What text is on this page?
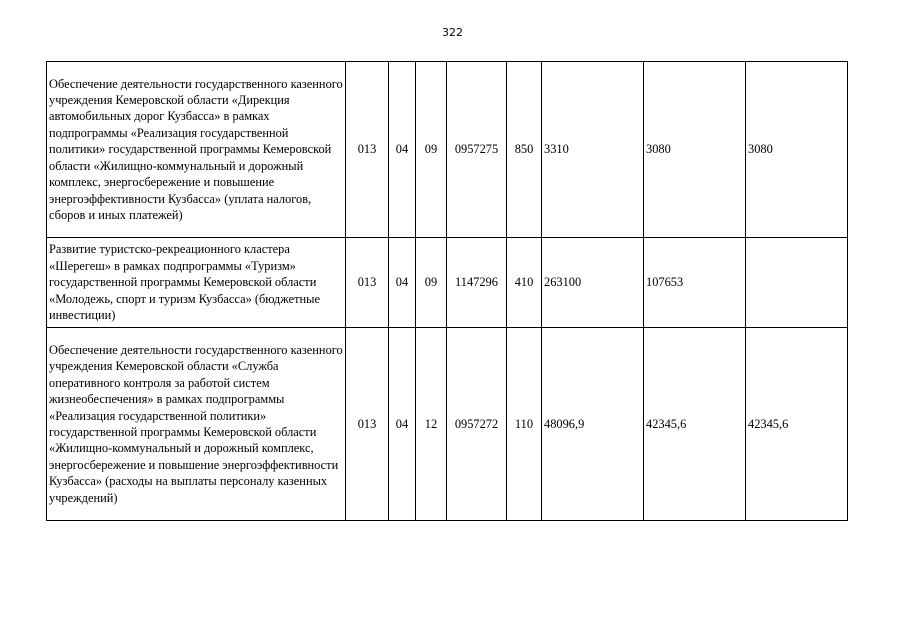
322
Обеспечение деятельности государственного казенного учреждения Кемеровской области «Дирекция автомобильных дорог Кузбасса» в рамках подпрограммы «Реализация государственной политики» государственной программы Кемеровской области «Жилищно-коммунальный и дорожный комплекс, энергосбережение и повышение энергоэффективности Кузбасса» (уплата налогов, сборов и иных платежей)	013	04	09	0957275	850	3310	3080	3080
Развитие туристско-рекреационного кластера «Шерегеш» в рамках подпрограммы «Туризм» государственной программы Кемеровской области «Молодежь, спорт и туризм Кузбасса» (бюджетные инвестиции)	013	04	09	1147296	410	263100	107653	
Обеспечение деятельности государственного казенного учреждения Кемеровской области «Служба оперативного контроля за работой систем жизнеобеспечения» в рамках подпрограммы «Реализация государственной политики» государственной программы Кемеровской области «Жилищно-коммунальный и дорожный комплекс, энергосбережение и повышение энергоэффективности Кузбасса» (расходы на выплаты персоналу казенных учреждений)	013	04	12	0957272	110	48096,9	42345,6	42345,6
